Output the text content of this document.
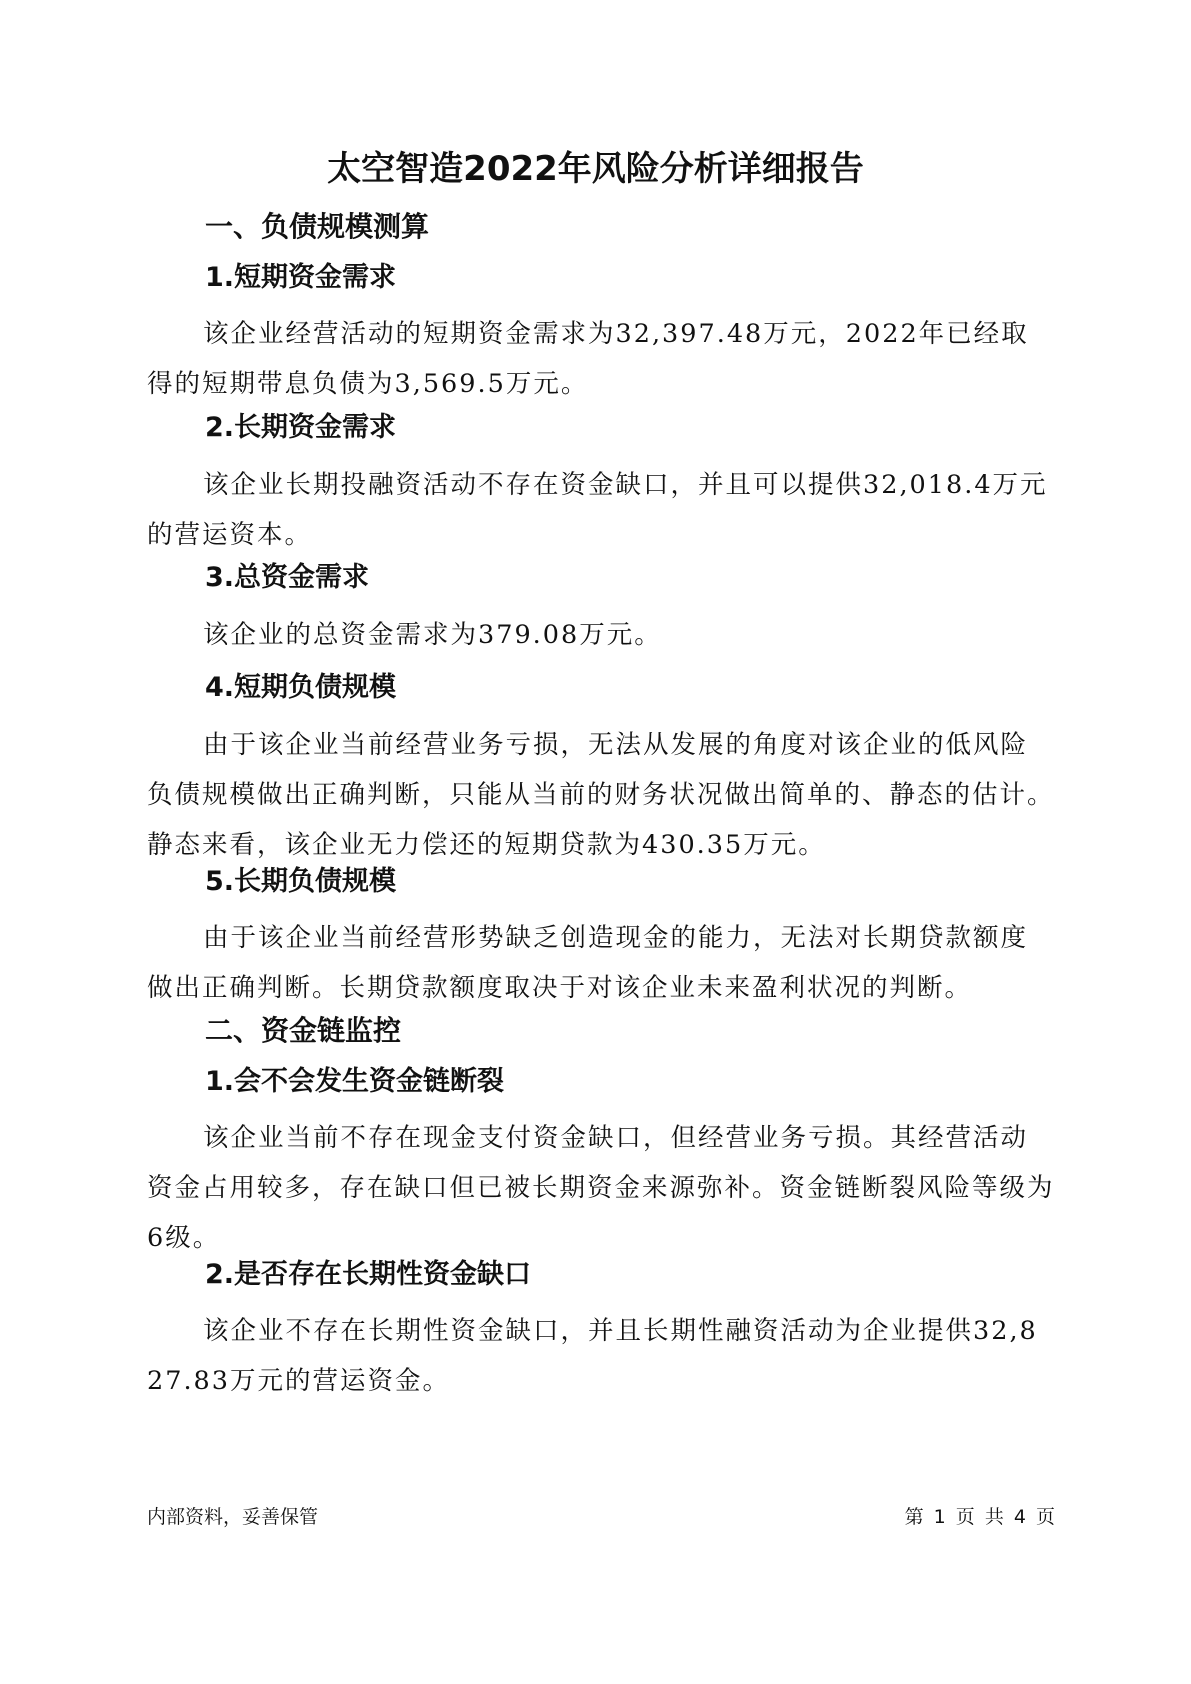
太空智造2022年风险分析详细报告
一、负债规模测算
1.短期资金需求

该企业经营活动的短期资金需求为32,397.48万元，2022年已经取得的短期带息负债为3,569.5万元。

2.长期资金需求

该企业长期投融资活动不存在资金缺口，并且可以提供32,018.4万元的营运资本。

3.总资金需求

该企业的总资金需求为379.08万元。

4.短期负债规模

由于该企业当前经营业务亏损，无法从发展的角度对该企业的低风险负债规模做出正确判断，只能从当前的财务状况做出简单的、静态的估计。静态来看，该企业无力偿还的短期贷款为430.35万元。

5.长期负债规模

由于该企业当前经营形势缺乏创造现金的能力，无法对长期贷款额度做出正确判断。长期贷款额度取决于对该企业未来盈利状况的判断。

二、资金链监控
1.会不会发生资金链断裂

该企业当前不存在现金支付资金缺口，但经营业务亏损。其经营活动资金占用较多，存在缺口但已被长期资金来源弥补。资金链断裂风险等级为6级。

2.是否存在长期性资金缺口

该企业不存在长期性资金缺口，并且长期性融资活动为企业提供32,827.83万元的营运资金。

内部资料，妥善保管	第 1 页 共 4 页
